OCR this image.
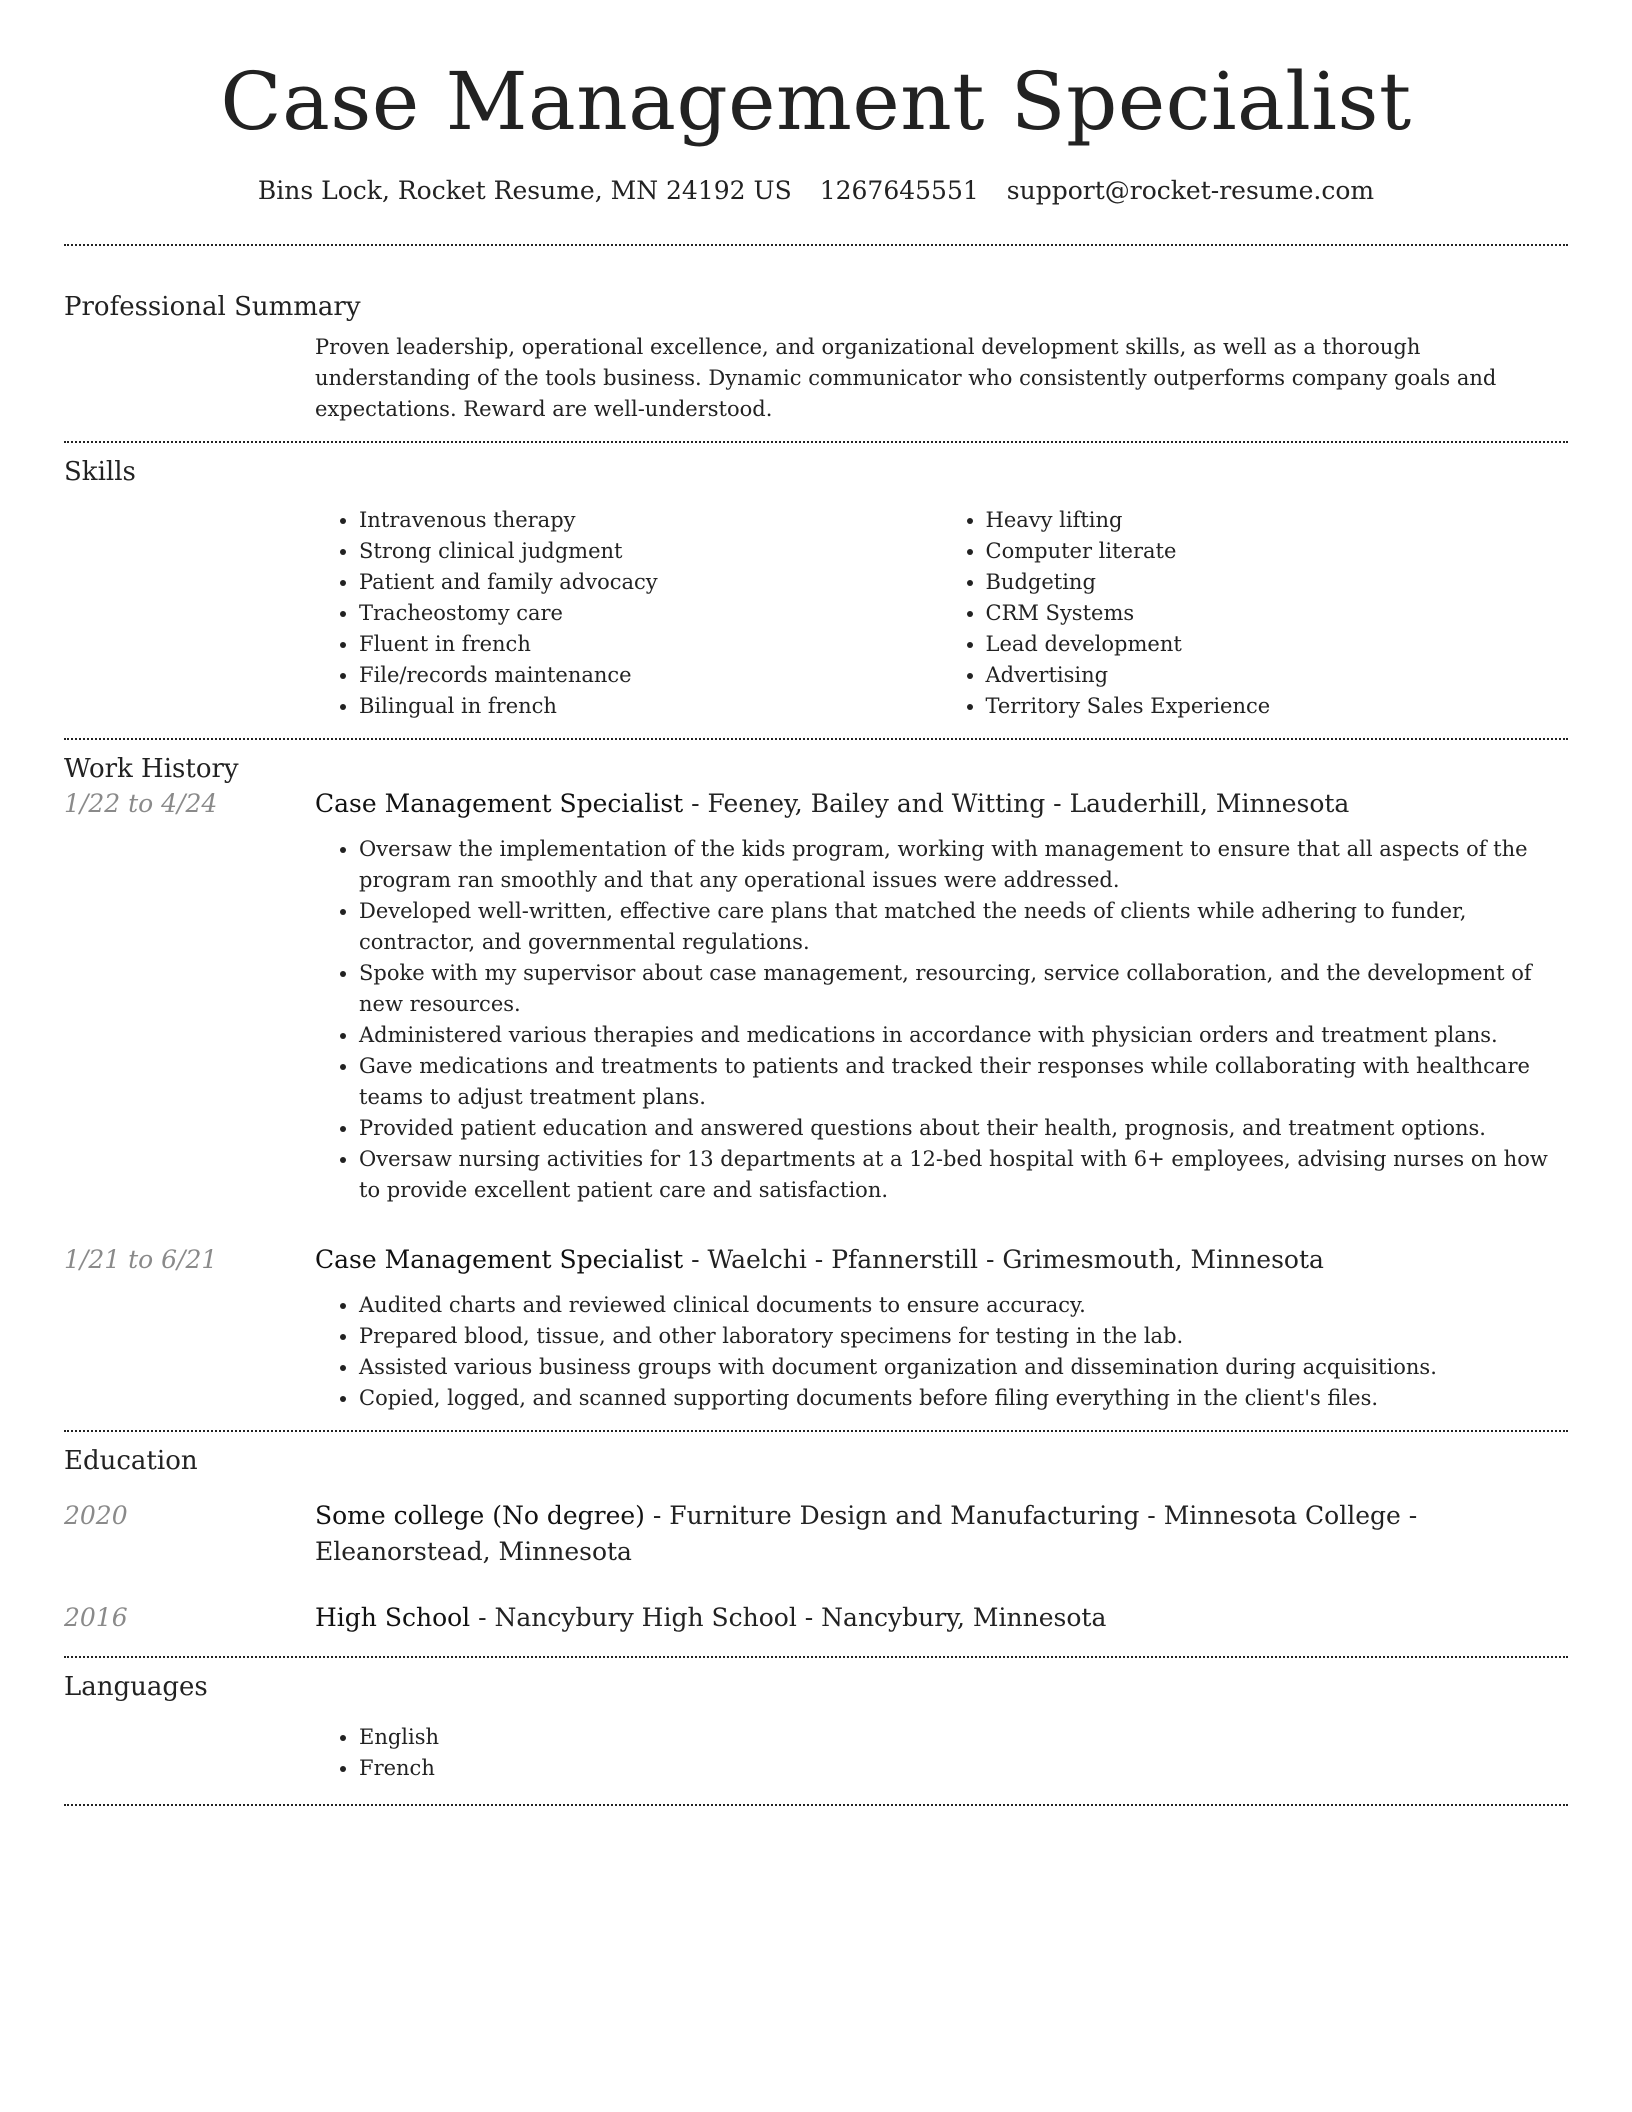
Case Management Specialist
Bins Lock, Rocket Resume, MN 24192 US 1267645551 support@rocket-resume.com
Professional Summary
Proven leadership, operational excellence, and organizational development skills, as well as a thorough understanding of the tools business. Dynamic communicator who consistently outperforms company goals and expectations. Reward are well-understood.
Skills
• Intravenous therapy
• Strong clinical judgment
• Patient and family advocacy
• Tracheostomy care
• Fluent in french
• File/records maintenance
• Bilingual in french
• Heavy lifting
• Computer literate
• Budgeting
• CRM Systems
• Lead development
• Advertising
• Territory Sales Experience
Work History
1/22 to 4/24	Case Management Specialist - Feeney, Bailey and Witting - Lauderhill, Minnesota
• Oversaw the implementation of the kids program, working with management to ensure that all aspects of the program ran smoothly and that any operational issues were addressed.
• Developed well-written, effective care plans that matched the needs of clients while adhering to funder, contractor, and governmental regulations.
• Spoke with my supervisor about case management, resourcing, service collaboration, and the development of new resources.
• Administered various therapies and medications in accordance with physician orders and treatment plans.
• Gave medications and treatments to patients and tracked their responses while collaborating with healthcare teams to adjust treatment plans.
• Provided patient education and answered questions about their health, prognosis, and treatment options.
• Oversaw nursing activities for 13 departments at a 12-bed hospital with 6+ employees, advising nurses on how to provide excellent patient care and satisfaction.
1/21 to 6/21	Case Management Specialist - Waelchi - Pfannerstill - Grimesmouth, Minnesota
• Audited charts and reviewed clinical documents to ensure accuracy.
• Prepared blood, tissue, and other laboratory specimens for testing in the lab.
• Assisted various business groups with document organization and dissemination during acquisitions.
• Copied, logged, and scanned supporting documents before filing everything in the client's files.
Education
2020	Some college (No degree) - Furniture Design and Manufacturing - Minnesota College - Eleanorstead, Minnesota
2016	High School - Nancybury High School - Nancybury, Minnesota
Languages
• English
• French
